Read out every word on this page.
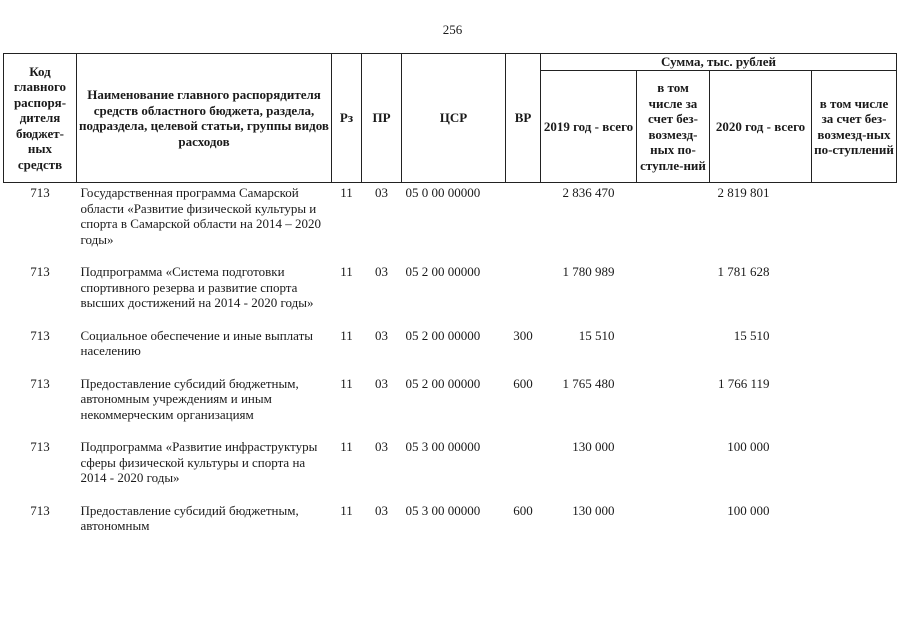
256
Код главного распоря-дителя бюджет-ных средств	Наименование главного распорядителя средств областного бюджета, раздела, подраздела, целевой статьи, группы видов расходов	Рз	ПР	ЦСР	ВР	Сумма, тыс. рублей			
						2019 год - всего	в том числе за счет без-возмезд-ных по-ступле-ний	2020 год - всего	в том числе за счет без-возмезд-ных по-ступлений
713	Государственная программа Самарской области «Развитие физической культуры и спорта в Самарской области на 2014 – 2020 годы»	11	03	05 0 00 00000		2 836 470		2 819 801	
713	Подпрограмма «Система подготовки спортивного резерва и развитие спорта высших достижений на 2014 - 2020 годы»	11	03	05 2 00 00000		1 780 989		1 781 628	
713	Социальное обеспечение и иные выплаты населению	11	03	05 2 00 00000	300	15 510		15 510	
713	Предоставление субсидий бюджетным, автономным учреждениям и иным некоммерческим организациям	11	03	05 2 00 00000	600	1 765 480		1 766 119	
713	Подпрограмма «Развитие инфраструктуры сферы физической культуры и спорта на 2014 - 2020 годы»	11	03	05 3 00 00000		130 000		100 000	
713	Предоставление субсидий бюджетным, автономным	11	03	05 3 00 00000	600	130 000		100 000	
